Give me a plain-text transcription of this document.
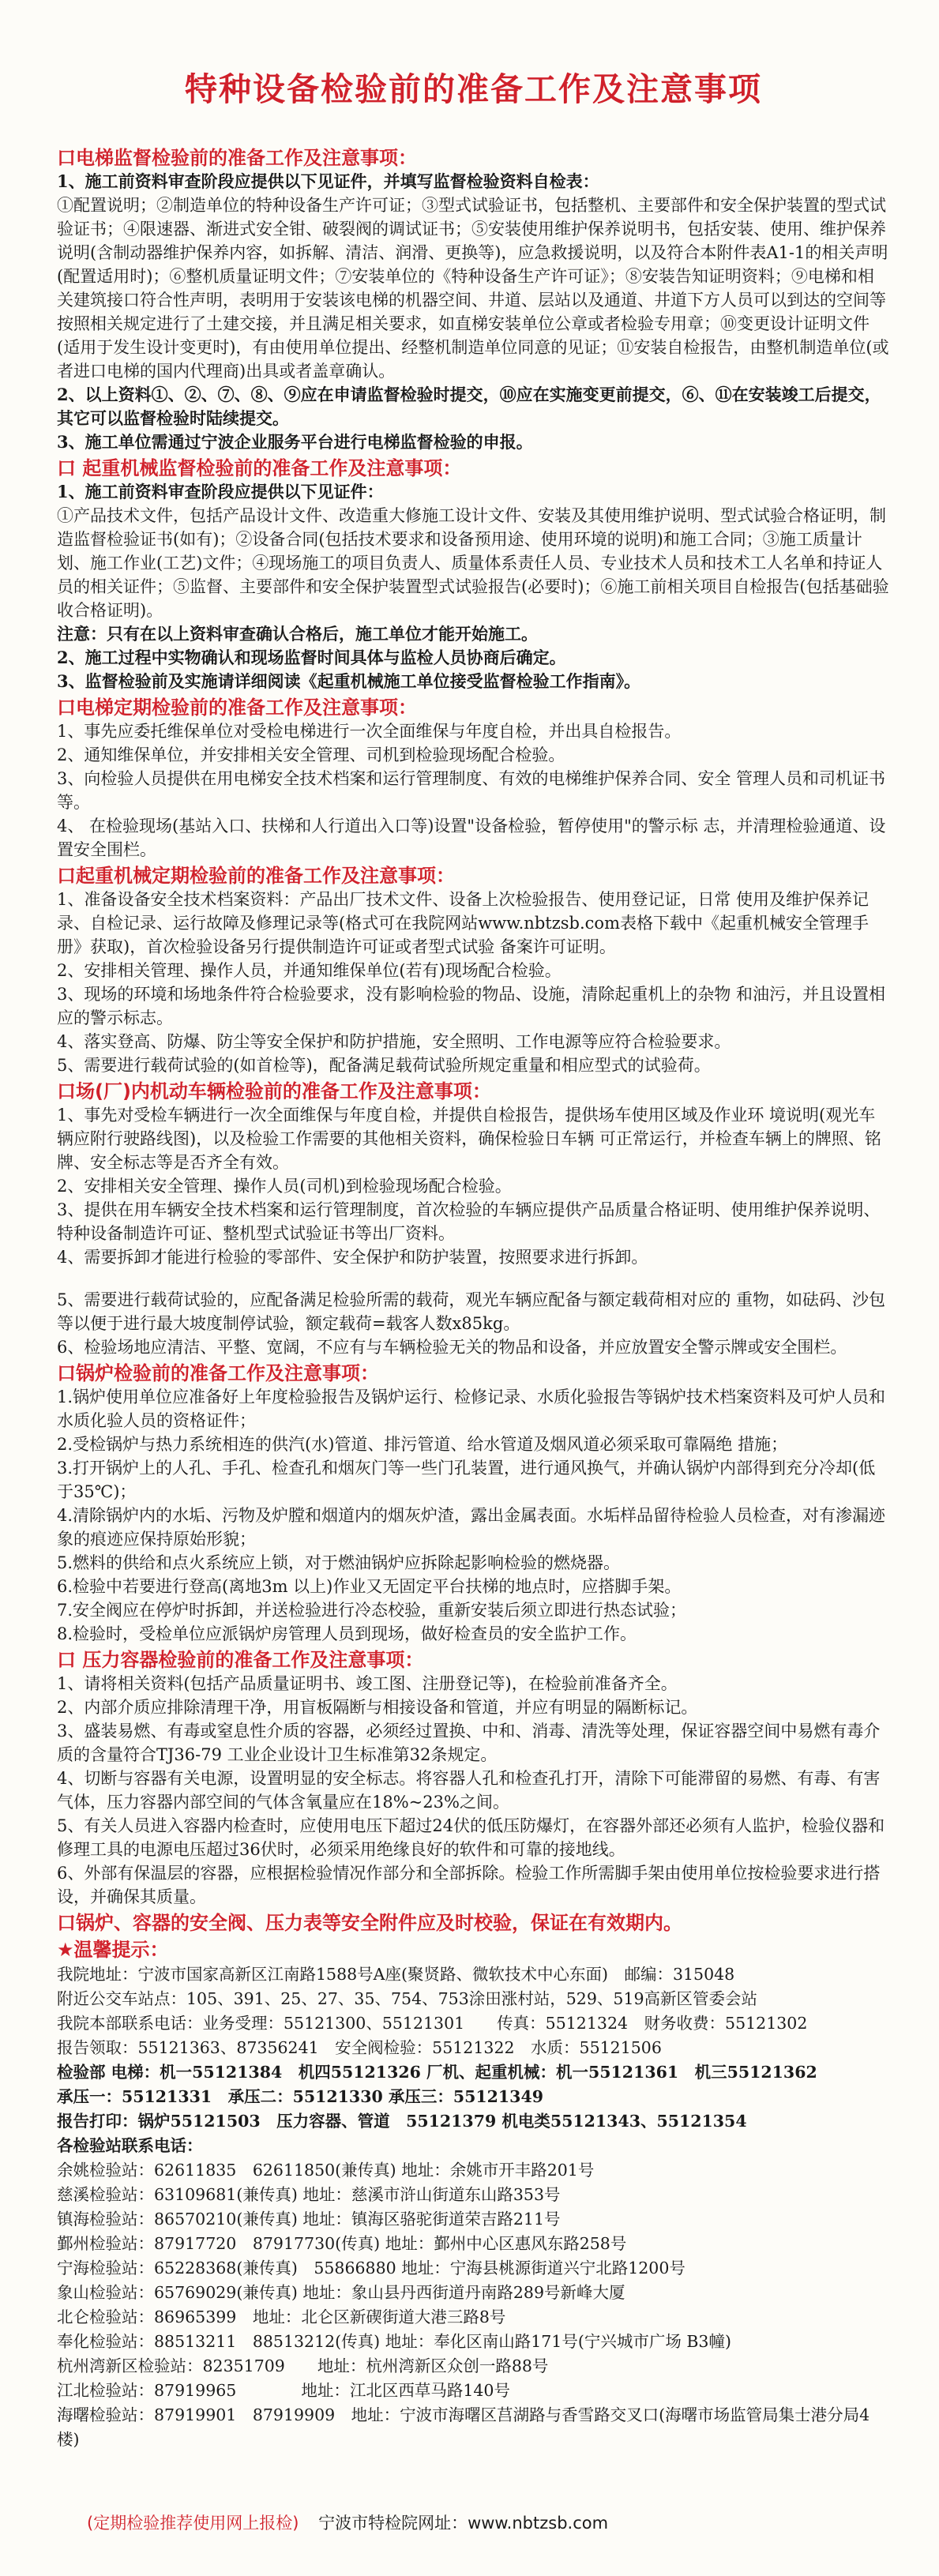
特种设备检验前的准备工作及注意事项
口电梯监督检验前的准备工作及注意事项：

1、施工前资料审查阶段应提供以下见证件，并填写监督检验资料自检表：

①配置说明；②制造单位的特种设备生产许可证；③型式试验证书，包括整机、主要部件和安全保护装置的型式试验证书；④限速器、渐进式安全钳、破裂阀的调试证书；⑤安装使用维护保养说明书，包括安装、使用、维护保养说明(含制动器维护保养内容，如拆解、清洁、润滑、更换等)，应急救援说明，以及符合本附件表A1-1的相关声明(配置适用时)；⑥整机质量证明文件；⑦安装单位的《特种设备生产许可证》；⑧安装告知证明资料；⑨电梯和相关建筑接口符合性声明，表明用于安装该电梯的机器空间、井道、层站以及通道、井道下方人员可以到达的空间等按照相关规定进行了土建交接，并且满足相关要求，如直梯安装单位公章或者检验专用章；⑩变更设计证明文件(适用于发生设计变更时)，有由使用单位提出、经整机制造单位同意的见证；⑪安装自检报告，由整机制造单位(或者进口电梯的国内代理商)出具或者盖章确认。

2、以上资料①、②、⑦、⑧、⑨应在申请监督检验时提交，⑩应在实施变更前提交，⑥、⑪在安装竣工后提交，其它可以监督检验时陆续提交。

3、施工单位需通过宁波企业服务平台进行电梯监督检验的申报。

口 起重机械监督检验前的准备工作及注意事项：

1、施工前资料审查阶段应提供以下见证件：

①产品技术文件，包括产品设计文件、改造重大修施工设计文件、安装及其使用维护说明、型式试验合格证明，制造监督检验证书(如有)；②设备合同(包括技术要求和设备预用途、使用环境的说明)和施工合同；③施工质量计划、施工作业(工艺)文件；④现场施工的项目负责人、质量体系责任人员、专业技术人员和技术工人名单和持证人员的相关证件；⑤监督、主要部件和安全保护装置型式试验报告(必要时)；⑥施工前相关项目自检报告(包括基础验收合格证明)。

注意：只有在以上资料审查确认合格后，施工单位才能开始施工。

2、施工过程中实物确认和现场监督时间具体与监检人员协商后确定。

3、监督检验前及实施请详细阅读《起重机械施工单位接受监督检验工作指南》。

口电梯定期检验前的准备工作及注意事项：

1、事先应委托维保单位对受检电梯进行一次全面维保与年度自检，并出具自检报告。

2、通知维保单位，并安排相关安全管理、司机到检验现场配合检验。

3、向检验人员提供在用电梯安全技术档案和运行管理制度、有效的电梯维护保养合同、安全 管理人员和司机证书等。

4、 在检验现场(基站入口、扶梯和人行道出入口等)设置"设备检验，暂停使用"的警示标 志，并清理检验通道、设置安全围栏。

口起重机械定期检验前的准备工作及注意事项：

1、准备设备安全技术档案资料：产品出厂技术文件、设备上次检验报告、使用登记证，日常 使用及维护保养记录、自检记录、运行故障及修理记录等(格式可在我院网站www.nbtzsb.com表格下载中《起重机械安全管理手册》获取)，首次检验设备另行提供制造许可证或者型式试验 备案许可证明。

2、安排相关管理、操作人员，并通知维保单位(若有)现场配合检验。

3、现场的环境和场地条件符合检验要求，没有影响检验的物品、设施，清除起重机上的杂物 和油污，并且设置相应的警示标志。

4、落实登高、防爆、防尘等安全保护和防护措施，安全照明、工作电源等应符合检验要求。

5、需要进行载荷试验的(如首检等)，配备满足载荷试验所规定重量和相应型式的试验荷。

口场(厂)内机动车辆检验前的准备工作及注意事项：

1、事先对受检车辆进行一次全面维保与年度自检，并提供自检报告，提供场车使用区域及作业环 境说明(观光车辆应附行驶路线图)，以及检验工作需要的其他相关资料，确保检验日车辆 可正常运行，并检查车辆上的牌照、铭牌、安全标志等是否齐全有效。

2、安排相关安全管理、操作人员(司机)到检验现场配合检验。

3、提供在用车辆安全技术档案和运行管理制度，首次检验的车辆应提供产品质量合格证明、使用维护保养说明、特种设备制造许可证、整机型式试验证书等出厂资料。

4、需要拆卸才能进行检验的零部件、安全保护和防护装置，按照要求进行拆卸。

5、需要进行载荷试验的，应配备满足检验所需的载荷，观光车辆应配备与额定载荷相对应的 重物，如砝码、沙包等以便于进行最大坡度制停试验，额定载荷=载客人数x85kg。

6、检验场地应清洁、平整、宽阔，不应有与车辆检验无关的物品和设备，并应放置安全警示牌或安全围栏。

口锅炉检验前的准备工作及注意事项：

1.锅炉使用单位应准备好上年度检验报告及锅炉运行、检修记录、水质化验报告等锅炉技术档案资料及可炉人员和水质化验人员的资格证件；

2.受检锅炉与热力系统相连的供汽(水)管道、排污管道、给水管道及烟风道必须采取可靠隔绝 措施；

3.打开锅炉上的人孔、手孔、检查孔和烟灰门等一些门孔装置，进行通风换气，并确认锅炉内部得到充分冷却(低于35℃)；

4.清除锅炉内的水垢、污物及炉膛和烟道内的烟灰炉渣，露出金属表面。水垢样品留待检验人员检查，对有渗漏迹象的痕迹应保持原始形貌；

5.燃料的供给和点火系统应上锁，对于燃油锅炉应拆除起影响检验的燃烧器。

6.检验中若要进行登高(离地3m 以上)作业又无固定平台扶梯的地点时，应搭脚手架。

7.安全阀应在停炉时拆卸，并送检验进行冷态校验，重新安装后须立即进行热态试验；

8.检验时，受检单位应派锅炉房管理人员到现场，做好检查员的安全监护工作。

口 压力容器检验前的准备工作及注意事项：

1、请将相关资料(包括产品质量证明书、竣工图、注册登记等)，在检验前准备齐全。

2、内部介质应排除清理干净，用盲板隔断与相接设备和管道，并应有明显的隔断标记。

3、盛装易燃、有毒或窒息性介质的容器，必须经过置换、中和、消毒、清洗等处理，保证容器空间中易燃有毒介质的含量符合TJ36-79 工业企业设计卫生标准第32条规定。

4、切断与容器有关电源，设置明显的安全标志。将容器人孔和检查孔打开，清除下可能滞留的易燃、有毒、有害气体，压力容器内部空间的气体含氧量应在18%~23%之间。

5、有关人员进入容器内检查时，应使用电压下超过24伏的低压防爆灯，在容器外部还必须有人监护，检验仪器和修理工具的电源电压超过36伏时，必须采用绝缘良好的软件和可靠的接地线。

6、外部有保温层的容器，应根据检验情况作部分和全部拆除。检验工作所需脚手架由使用单位按检验要求进行搭设，并确保其质量。

口锅炉、容器的安全阀、压力表等安全附件应及时校验，保证在有效期内。
★温馨提示：

我院地址：宁波市国家高新区江南路1588号A座(聚贤路、微软技术中心东面)　邮编：315048

附近公交车站点：105、391、25、27、35、754、753涂田涨村站，529、519高新区管委会站

我院本部联系电话：业务受理：55121300、55121301　　传真：55121324　财务收费：55121302

报告领取：55121363、87356241　安全阀检验：55121322　水质：55121506

检验部 电梯：机一55121384　机四55121326 厂机、起重机械：机一55121361　机三55121362

承压一：55121331　承压二：55121330 承压三：55121349

报告打印：锅炉55121503　压力容器、管道　55121379 机电类55121343、55121354

各检验站联系电话：

余姚检验站：62611835　62611850(兼传真) 地址：余姚市开丰路201号

慈溪检验站：63109681(兼传真) 地址：慈溪市浒山街道东山路353号

镇海检验站：86570210(兼传真) 地址：镇海区骆驼街道荣吉路211号

鄞州检验站：87917720　87917730(传真) 地址：鄞州中心区惠风东路258号

宁海检验站：65228368(兼传真)　55866880 地址：宁海县桃源街道兴宁北路1200号

象山检验站：65769029(兼传真) 地址：象山县丹西街道丹南路289号新峰大厦

北仑检验站：86965399　地址：北仑区新碶街道大港三路8号

奉化检验站：88513211　88513212(传真) 地址：奉化区南山路171号(宁兴城市广场 B3幢)

杭州湾新区检验站：82351709　　地址：杭州湾新区众创一路88号

江北检验站：87919965　　　　地址：江北区西草马路140号

海曙检验站：87919901　87919909　地址：宁波市海曙区莒湖路与香雪路交叉口(海曙市场监管局集士港分局4楼)

(定期检验推荐使用网上报检) 宁波市特检院网址：www.nbtzsb.com
